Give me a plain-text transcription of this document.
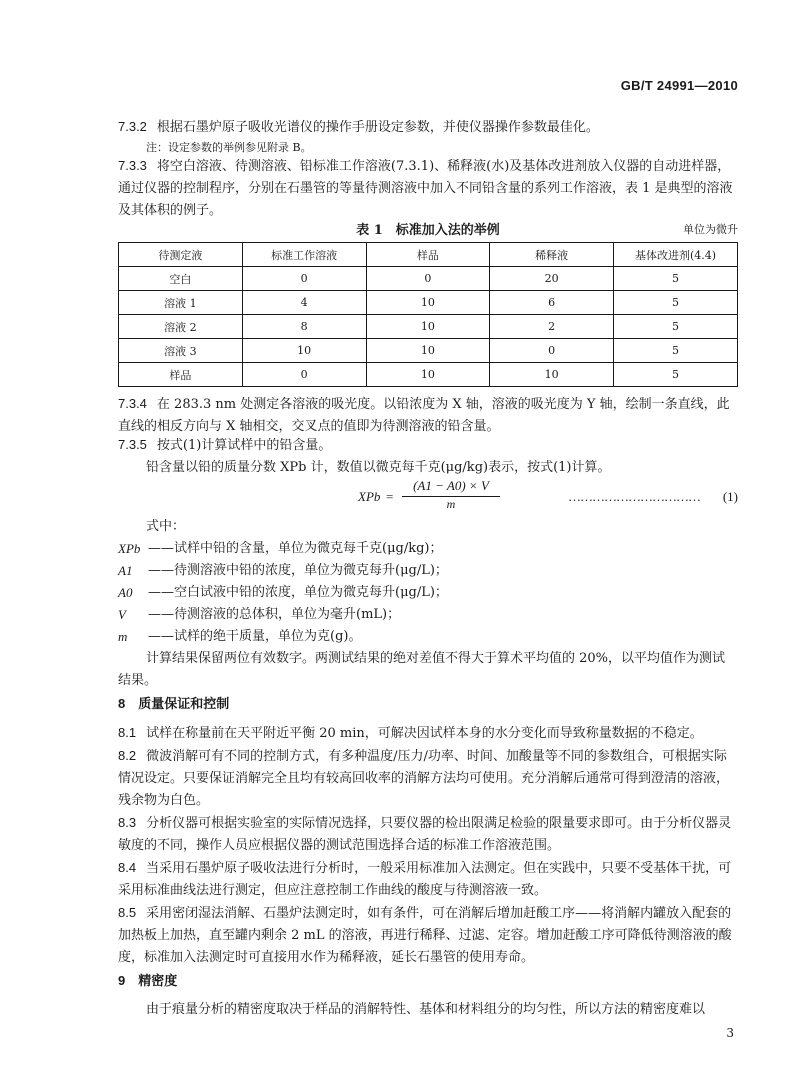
GB/T 24991—2010
7.3.2 根据石墨炉原子吸收光谱仪的操作手册设定参数，并使仪器操作参数最佳化。
注：设定参数的举例参见附录 B。
7.3.3 将空白溶液、待测溶液、铅标准工作溶液(7.3.1)、稀释液(水)及基体改进剂放入仪器的自动进样器，通过仪器的控制程序，分别在石墨管的等量待测溶液中加入不同铅含量的系列工作溶液，表 1 是典型的溶液及其体积的例子。
表 1　标准加入法的举例	单位为微升
待测定液	标准工作溶液	样品	稀释液	基体改进剂(4.4)
空白	0	0	20	5
溶液 1	4	10	6	5
溶液 2	8	10	2	5
溶液 3	10	10	0	5
样品	0	10	10	5
7.3.4 在 283.3 nm 处测定各溶液的吸光度。以铅浓度为 X 轴，溶液的吸光度为 Y 轴，绘制一条直线，此直线的相反方向与 X 轴相交，交叉点的值即为待测溶液的铅含量。
7.3.5 按式(1)计算试样中的铅含量。
铅含量以铅的质量分数 XPb 计，数值以微克每千克(μg/kg)表示，按式(1)计算。
XPb =
(A1 − A0) × V
m	…………………………… (1)
式中：
XPb ——试样中铅的含量，单位为微克每千克(μg/kg)；
A1	——待测溶液中铅的浓度，单位为微克每升(μg/L)；
A0	——空白试液中铅的浓度，单位为微克每升(μg/L)；
V	——待测溶液的总体积，单位为毫升(mL)；
m	——试样的绝干质量，单位为克(g)。
计算结果保留两位有效数字。两测试结果的绝对差值不得大于算术平均值的 20%，以平均值作为测试结果。
8　质量保证和控制
8.1 试样在称量前在天平附近平衡 20 min，可解决因试样本身的水分变化而导致称量数据的不稳定。
8.2 微波消解可有不同的控制方式，有多种温度/压力/功率、时间、加酸量等不同的参数组合，可根据实际情况设定。只要保证消解完全且均有较高回收率的消解方法均可使用。充分消解后通常可得到澄清的溶液，残余物为白色。
8.3 分析仪器可根据实验室的实际情况选择，只要仪器的检出限满足检验的限量要求即可。由于分析仪器灵敏度的不同，操作人员应根据仪器的测试范围选择合适的标准工作溶液范围。
8.4 当采用石墨炉原子吸收法进行分析时，一般采用标准加入法测定。但在实践中，只要不受基体干扰，可采用标准曲线法进行测定，但应注意控制工作曲线的酸度与待测溶液一致。
8.5 采用密闭湿法消解、石墨炉法测定时，如有条件，可在消解后增加赶酸工序——将消解内罐放入配套的加热板上加热，直至罐内剩余 2 mL 的溶液，再进行稀释、过滤、定容。增加赶酸工序可降低待测溶液的酸度，标准加入法测定时可直接用水作为稀释液，延长石墨管的使用寿命。
9　精密度
由于痕量分析的精密度取决于样品的消解特性、基体和材料组分的均匀性，所以方法的精密度难以
3
